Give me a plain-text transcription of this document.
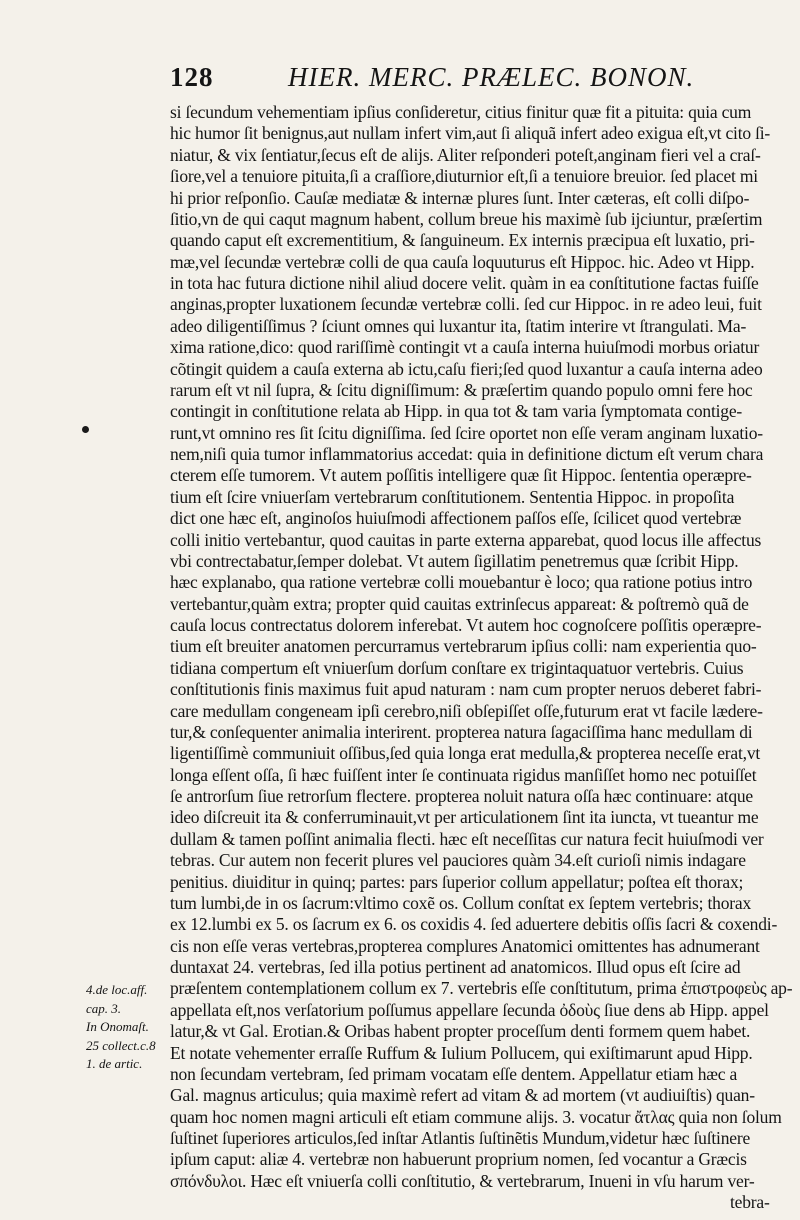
128	HIER. MERC. PRÆLEC. BONON.
si ſecundum vehementiam ipſius conſideretur, citius finitur quæ fit a pituita: quia cum
hic humor ſit benignus,aut nullam infert vim,aut ſi aliquã infert adeo exigua eſt,vt cito ſi-
niatur, & vix ſentiatur,ſecus eſt de alijs. Aliter reſponderi poteſt,anginam fieri vel a craſ-
ſiore,vel a tenuiore pituita,ſi a craſſiore,diuturnior eſt,ſi a tenuiore breuior. ſed placet mi
hi prior reſponſio. Cauſæ mediatæ & internæ plures ſunt. Inter cæteras, eſt colli diſpo-
ſitio,vn de qui caqut magnum habent, collum breue his maximè ſub ijciuntur, præſertim
quando caput eſt excrementitium, & ſanguineum. Ex internis præcipua eſt luxatio, pri-
mæ,vel ſecundæ vertebræ colli de qua cauſa loquuturus eſt Hippoc. hic. Adeo vt Hipp.
in tota hac futura dictione nihil aliud docere velit. quàm in ea conſtitutione factas fuiſſe
anginas,propter luxationem ſecundæ vertebræ colli. ſed cur Hippoc. in re adeo leui, fuit
adeo diligentiſſimus ? ſciunt omnes qui luxantur ita, ſtatim interire vt ſtrangulati. Ma-
xima ratione,dico: quod rariſſimè contingit vt a cauſa interna huiuſmodi morbus oriatur
cõtingit quidem a cauſa externa ab ictu,caſu fieri;ſed quod luxantur a cauſa interna adeo
rarum eſt vt nil ſupra, & ſcitu digniſſimum: & præſertim quando populo omni fere hoc
contingit in conſtitutione relata ab Hipp. in qua tot & tam varia ſymptomata contige-
runt,vt omnino res ſit ſcitu digniſſima. ſed ſcire oportet non eſſe veram anginam luxatio-
nem,niſi quia tumor inflammatorius accedat: quia in definitione dictum eſt verum chara
cterem eſſe tumorem. Vt autem poſſitis intelligere quæ ſit Hippoc. ſententia operæpre-
tium eſt ſcire vniuerſam vertebrarum conſtitutionem. Sententia Hippoc. in propoſita
dict one hæc eſt, anginoſos huiuſmodi affectionem paſſos eſſe, ſcilicet quod vertebræ
colli initio vertebantur, quod cauitas in parte externa apparebat, quod locus ille affectus
vbi contrectabatur,ſemper dolebat. Vt autem ſigillatim penetremus quæ ſcribit Hipp.
hæc explanabo, qua ratione vertebræ colli mouebantur è loco; qua ratione potius intro
vertebantur,quàm extra; propter quid cauitas extrinſecus appareat: & poſtremò quã de
cauſa locus contrectatus dolorem inferebat. Vt autem hoc cognoſcere poſſitis operæpre-
tium eſt breuiter anatomen percurramus vertebrarum ipſius colli: nam experientia quo-
tidiana compertum eſt vniuerſum dorſum conſtare ex trigintaquatuor vertebris. Cuius
conſtitutionis finis maximus fuit apud naturam : nam cum propter neruos deberet fabri-
care medullam congeneam ipſi cerebro,niſi obſepiſſet oſſe,futurum erat vt facile læderе-
tur,& conſequenter animalia interirent. propterea natura ſagaciſſima hanc medullam di
ligentiſſimè communiuit oſſibus,ſed quia longa erat medulla,& propterea neceſſe erat,vt
longa eſſent oſſa, ſi hæc fuiſſent inter ſe continuata rigidus manſiſſet homo nec potuiſſet
ſe antrorſum ſiue retrorſum flectere. propterea noluit natura oſſa hæc continuare: atque
ideo diſcreuit ita & conferruminauit,vt per articulationem ſint ita iuncta, vt tueantur me
dullam & tamen poſſint animalia flecti. hæc eſt neceſſitas cur natura fecit huiuſmodi ver
tebras. Cur autem non fecerit plures vel pauciores quàm 34.eſt curioſi nimis indagare
penitius. diuiditur in quinq; partes: pars ſuperior collum appellatur; poſtea eſt thorax;
tum lumbi,de in os ſacrum:vltimo coxẽ os. Collum conſtat ex ſeptem vertebris; thorax
ex 12.lumbi ex 5. os ſacrum ex 6. os coxidis 4. ſed aduertere debitis oſſis ſacri & coxendi-
cis non eſſe veras vertebras,propterea complures Anatomici omittentes has adnumerant
duntaxat 24. vertebras, ſed illa potius pertinent ad anatomicos. Illud opus eſt ſcire ad
præſentem contemplationem collum ex 7. vertebris eſſe conſtitutum, prima ἐπιστροφεὺς ap-
appellata eſt,nos verſatorium poſſumus appellare ſecunda ὀδοὺς ſiue dens ab Hipp. appel
latur,& vt Gal. Erotian.& Oribas habent propter proceſſum denti formem quem habet.
Et notate vehementer erraſſe Ruffum & Iulium Pollucem, qui exiſtimarunt apud Hipp.
non ſecundam vertebram, ſed primam vocatam eſſe dentem. Appellatur etiam hæc a
Gal. magnus articulus; quia maximè refert ad vitam & ad mortem (vt audiuiſtis) quan-
quam hoc nomen magni articuli eſt etiam commune alijs. 3. vocatur ἄτλας quia non ſolum
ſuſtinet ſuperiores articulos,ſed inſtar Atlantis ſuſtinẽtis Mundum,videtur hæc ſuſtinere
ipſum caput: aliæ 4. vertebræ non habuerunt proprium nomen, ſed vocantur a Græcis
σπόνδυλοι. Hæc eſt vniuerſa colli conſtitutio, & vertebrarum, Inueni in vſu harum ver-
tebra-
4.de loc.aff.
cap. 3.
In Onomaſt.
25 collect.c.8
1. de artic.
